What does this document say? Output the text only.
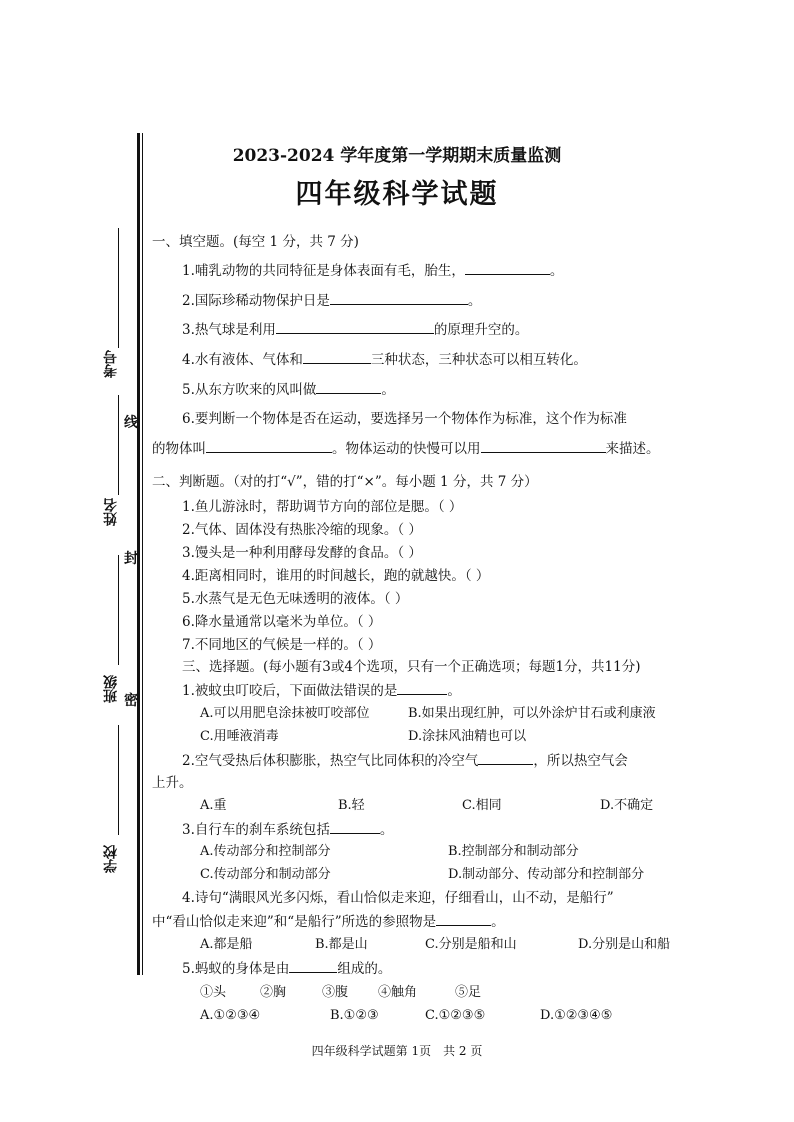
考号
线
姓名
封
班级 密
学校
2023-2024 学年度第一学期期末质量监测
四年级科学试题
一、填空题。(每空 1 分，共 7 分)
1.哺乳动物的共同特征是身体表面有毛，胎生，	。
2.国际珍稀动物保护日是	。
3.热气球是利用	的原理升空的。
4.水有液体、气体和	三种状态，三种状态可以相互转化。
5.从东方吹来的风叫做	。
6.要判断一个物体是否在运动，要选择另一个物体作为标准，这个作为标准
的物体叫	。物体运动的快慢可以用	来描述。
二、判断题。（对的打“√”，错的打“×”。每小题 1 分，共 7 分）
1.鱼儿游泳时，帮助调节方向的部位是腮。（ ）
2.气体、固体没有热胀冷缩的现象。（ ）
3.馒头是一种利用酵母发酵的食品。（ ）
4.距离相同时，谁用的时间越长，跑的就越快。（ ）
5.水蒸气是无色无味透明的液体。（ ）
6.降水量通常以毫米为单位。（ ）
7.不同地区的气候是一样的。（ ）
三、选择题。(每小题有3或4个选项，只有一个正确选项；每题1分，共11分)
1.被蚊虫叮咬后，下面做法错误的是	。
A.可以用肥皂涂抹被叮咬部位	B.如果出现红肿，可以外涂炉甘石或利康液
C.用唾液消毒	D.涂抹风油精也可以
2.空气受热后体积膨胀，热空气比同体积的冷空气	，所以热空气会
上升。
A.重	B.轻	C.相同	D.不确定
3.自行车的刹车系统包括	。
A.传动部分和控制部分	B.控制部分和制动部分
C.传动部分和制动部分	D.制动部分、传动部分和控制部分
4.诗句“满眼风光多闪烁，看山恰似走来迎，仔细看山，山不动，是船行”
中“看山恰似走来迎”和“是船行”所选的参照物是	。
A.都是船	B.都是山	C.分别是船和山	D.分别是山和船
5.蚂蚁的身体是由	组成的。
①头	②胸	③腹 ④触角	⑤足
A.①②③④	B.①②③	C.①②③⑤	D.①②③④⑤
四年级科学试题第 1页　共 2 页
